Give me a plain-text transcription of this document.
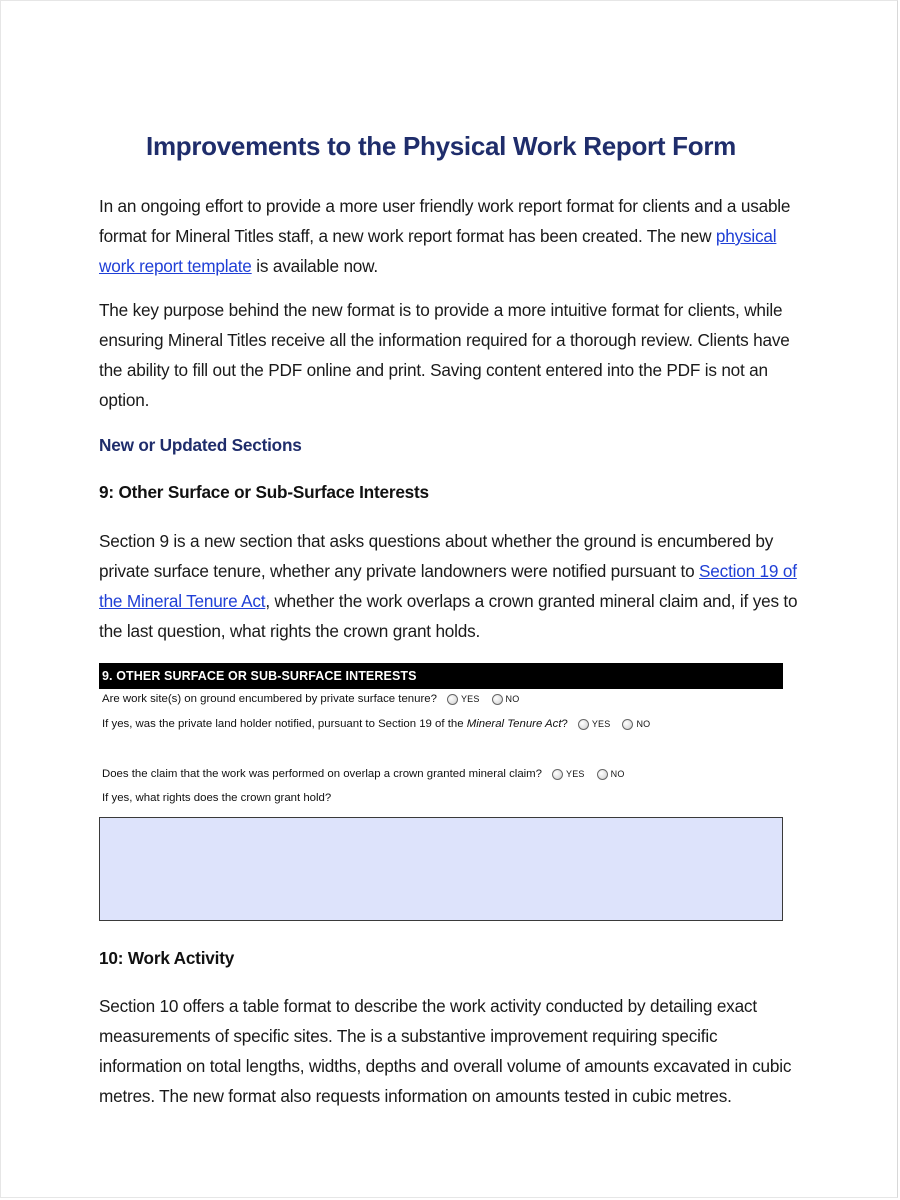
Improvements to the Physical Work Report Form
In an ongoing effort to provide a more user friendly work report format for clients and a usable format for Mineral Titles staff, a new work report format has been created. The new physical work report template is available now.
The key purpose behind the new format is to provide a more intuitive format for clients, while ensuring Mineral Titles receive all the information required for a thorough review. Clients have the ability to fill out the PDF online and print. Saving content entered into the PDF is not an option.
New or Updated Sections
9: Other Surface or Sub-Surface Interests
Section 9 is a new section that asks questions about whether the ground is encumbered by private surface tenure, whether any private landowners were notified pursuant to Section 19 of the Mineral Tenure Act, whether the work overlaps a crown granted mineral claim and, if yes to the last question, what rights the crown grant holds.
9. OTHER SURFACE OR SUB-SURFACE INTERESTS
Are work site(s) on ground encumbered by private surface tenure?	YES	NO
If yes, was the private land holder notified, pursuant to Section 19 of the Mineral Tenure Act?	YES	NO
Does the claim that the work was performed on overlap a crown granted mineral claim?	YES	NO
If yes, what rights does the crown grant hold?
10: Work Activity
Section 10 offers a table format to describe the work activity conducted by detailing exact measurements of specific sites. The is a substantive improvement requiring specific information on total lengths, widths, depths and overall volume of amounts excavated in cubic metres. The new format also requests information on amounts tested in cubic metres.
